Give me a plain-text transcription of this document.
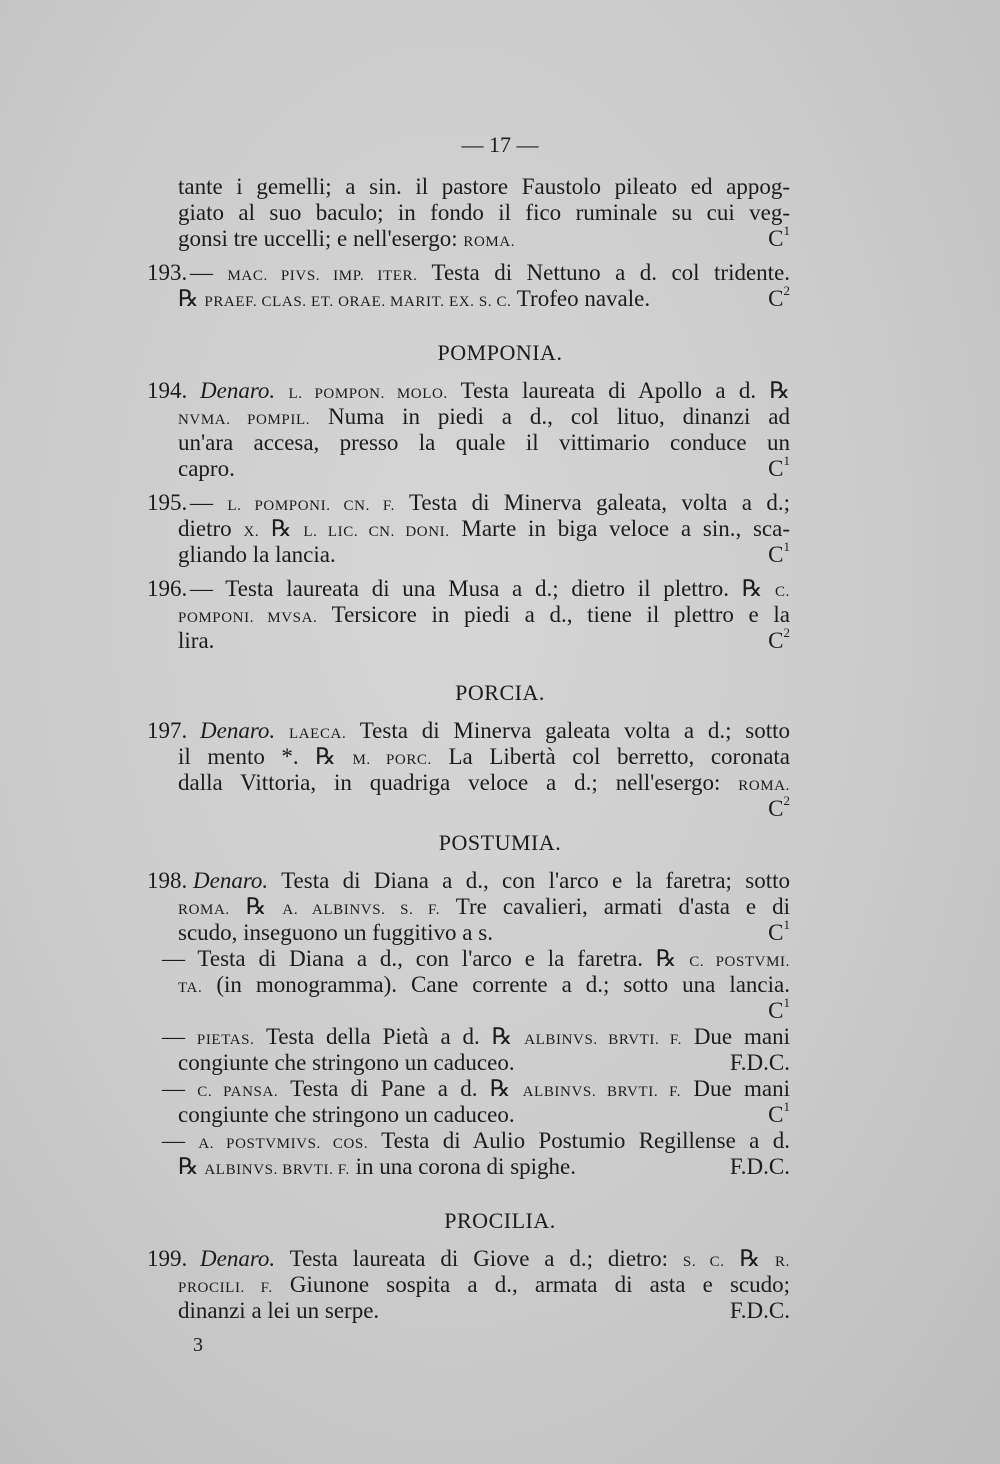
— 17 —
tante i gemelli; a sin. il pastore Faustolo pileato ed appog-
giato al suo baculo; in fondo il fico ruminale su cui veg-
gonsi tre uccelli; e nell'esergo: ROMA.	$C^1$
193. — MAC. PIVS. IMP. ITER. Testa di Nettuno a d. col tridente.
℞ PRAEF. CLAS. ET. ORAE. MARIT. EX. S. C. Trofeo navale.	$C^2$
POMPONIA.
194. Denaro. L. POMPON. MOLO. Testa laureata di Apollo a d. ℞
NVMA. POMPIL. Numa in piedi a d., col lituo, dinanzi ad
un'ara accesa, presso la quale il vittimario conduce un
capro.	$C^1$
195. — L. POMPONI. CN. F. Testa di Minerva galeata, volta a d.;
dietro X. ℞ L. LIC. CN. DONI. Marte in biga veloce a sin., sca-
gliando la lancia.	$C^1$
196. — Testa laureata di una Musa a d.; dietro il plettro. ℞ C.
POMPONI. MVSA. Tersicore in piedi a d., tiene il plettro e la
lira.	$C^2$
PORCIA.
197. Denaro. LAECA. Testa di Minerva galeata volta a d.; sotto
il mento *. ℞ M. PORC. La Libertà col berretto, coronata
dalla Vittoria, in quadriga veloce a d.; nell'esergo: ROMA.
$C^2$
POSTUMIA.
198. Denaro. Testa di Diana a d., con l'arco e la faretra; sotto
ROMA. ℞ A. ALBINVS. S. F. Tre cavalieri, armati d'asta e di
scudo, inseguono un fuggitivo a s.	$C^1$
— Testa di Diana a d., con l'arco e la faretra. ℞ C. POSTVMI.
TA. (in monogramma). Cane corrente a d.; sotto una lancia.
$C^1$
— PIETAS. Testa della Pietà a d. ℞ ALBINVS. BRVTI. F. Due mani
congiunte che stringono un caduceo.	F.D.C.
— C. PANSA. Testa di Pane a d. ℞ ALBINVS. BRVTI. F. Due mani
congiunte che stringono un caduceo.	$C^1$
— A. POSTVMIVS. COS. Testa di Aulio Postumio Regillense a d.
℞ ALBINVS. BRVTI. F. in una corona di spighe.	F.D.C.
PROCILIA.
199. Denaro. Testa laureata di Giove a d.; dietro: S. C. ℞ R.
PROCILI. F. Giunone sospita a d., armata di asta e scudo;
dinanzi a lei un serpe.	F.D.C.
3
